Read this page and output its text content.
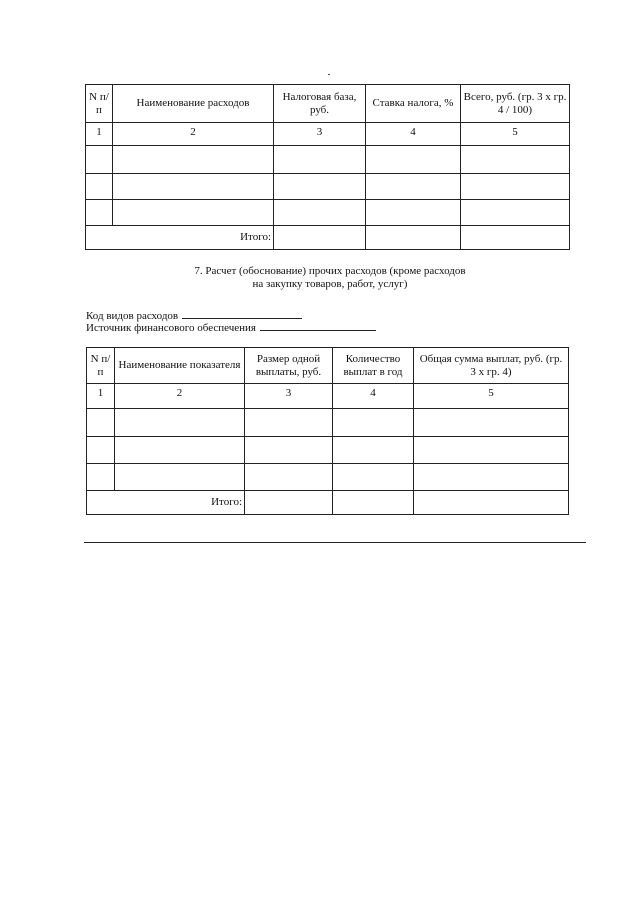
N п/п	Наименование расходов	Налоговая база, руб.	Ставка налога, %	Всего, руб. (гр. 3 x гр. 4 / 100)
1	2	3	4	5

Итого:				
7. Расчет (обоснование) прочих расходов (кроме расходов
на закупку товаров, работ, услуг)
Код видов расходов
Источник финансового обеспечения
N п/п	Наименование показателя	Размер одной выплаты, руб.	Количество выплат в год	Общая сумма выплат, руб. (гр. 3 x гр. 4)
1	2	3	4	5

Итого:				
